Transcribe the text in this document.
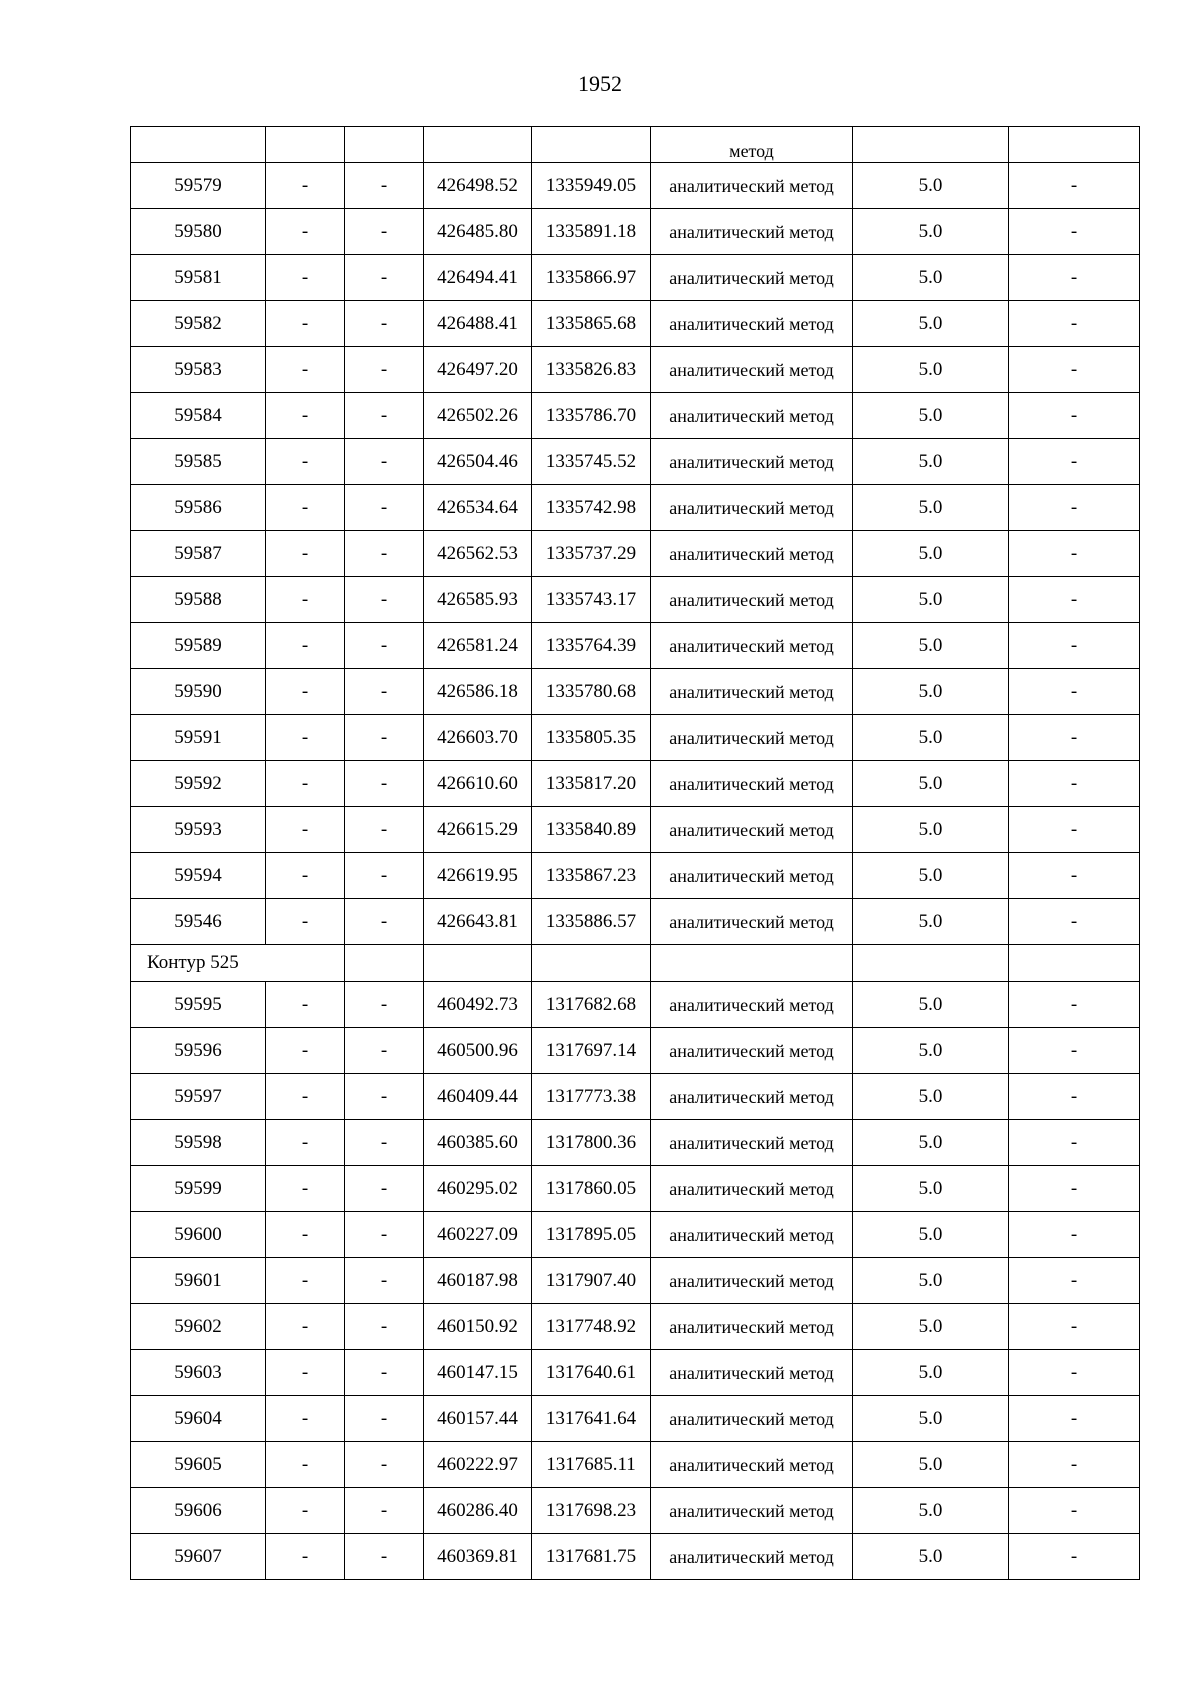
1952
					метод		
59579	-	-	426498.52	1335949.05	аналитический метод	5.0	-
59580	-	-	426485.80	1335891.18	аналитический метод	5.0	-
59581	-	-	426494.41	1335866.97	аналитический метод	5.0	-
59582	-	-	426488.41	1335865.68	аналитический метод	5.0	-
59583	-	-	426497.20	1335826.83	аналитический метод	5.0	-
59584	-	-	426502.26	1335786.70	аналитический метод	5.0	-
59585	-	-	426504.46	1335745.52	аналитический метод	5.0	-
59586	-	-	426534.64	1335742.98	аналитический метод	5.0	-
59587	-	-	426562.53	1335737.29	аналитический метод	5.0	-
59588	-	-	426585.93	1335743.17	аналитический метод	5.0	-
59589	-	-	426581.24	1335764.39	аналитический метод	5.0	-
59590	-	-	426586.18	1335780.68	аналитический метод	5.0	-
59591	-	-	426603.70	1335805.35	аналитический метод	5.0	-
59592	-	-	426610.60	1335817.20	аналитический метод	5.0	-
59593	-	-	426615.29	1335840.89	аналитический метод	5.0	-
59594	-	-	426619.95	1335867.23	аналитический метод	5.0	-
59546	-	-	426643.81	1335886.57	аналитический метод	5.0	-
Контур 525							
59595	-	-	460492.73	1317682.68	аналитический метод	5.0	-
59596	-	-	460500.96	1317697.14	аналитический метод	5.0	-
59597	-	-	460409.44	1317773.38	аналитический метод	5.0	-
59598	-	-	460385.60	1317800.36	аналитический метод	5.0	-
59599	-	-	460295.02	1317860.05	аналитический метод	5.0	-
59600	-	-	460227.09	1317895.05	аналитический метод	5.0	-
59601	-	-	460187.98	1317907.40	аналитический метод	5.0	-
59602	-	-	460150.92	1317748.92	аналитический метод	5.0	-
59603	-	-	460147.15	1317640.61	аналитический метод	5.0	-
59604	-	-	460157.44	1317641.64	аналитический метод	5.0	-
59605	-	-	460222.97	1317685.11	аналитический метод	5.0	-
59606	-	-	460286.40	1317698.23	аналитический метод	5.0	-
59607	-	-	460369.81	1317681.75	аналитический метод	5.0	-
